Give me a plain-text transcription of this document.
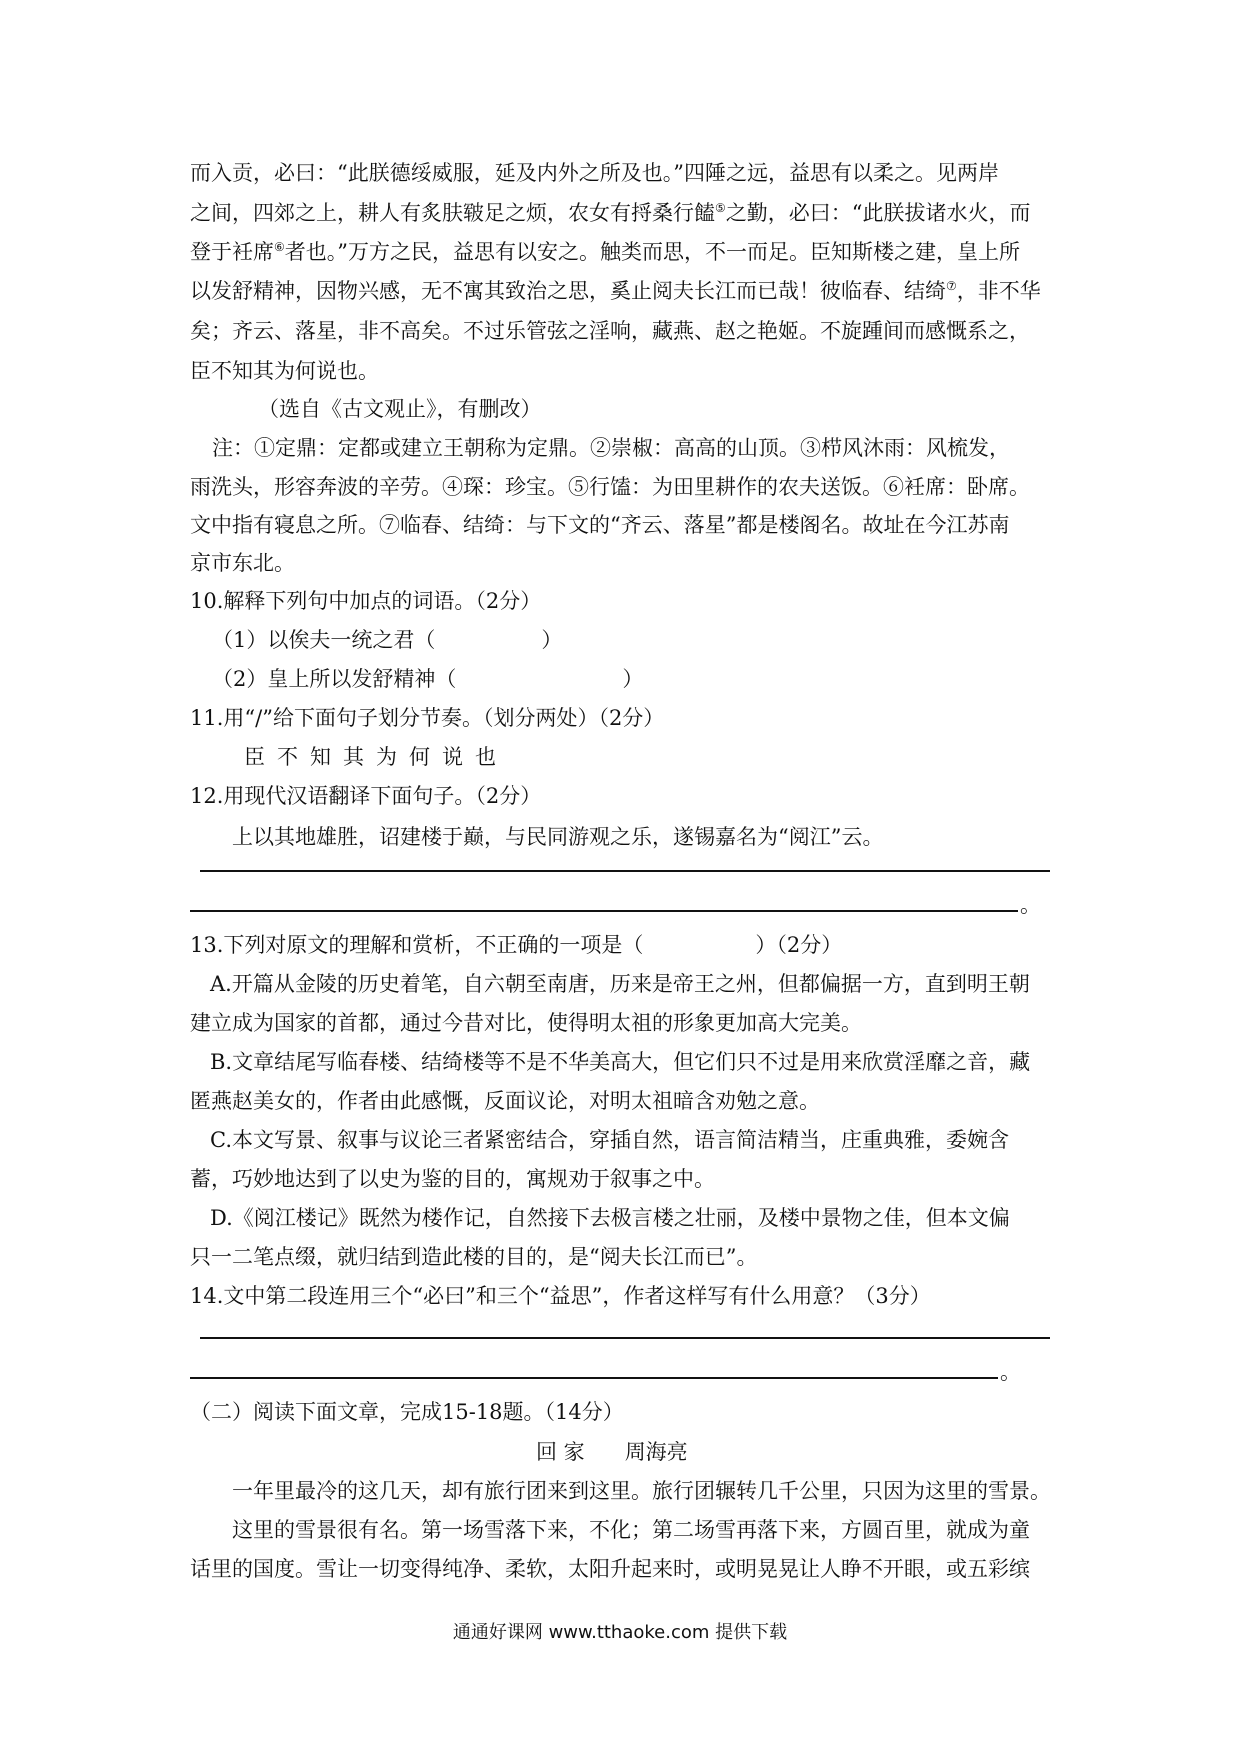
而入贡，必曰：“此朕德绥威服，延及内外之所及也。”四陲之远，益思有以柔之。见两岸
之间，四郊之上，耕人有炙肤皲足之烦，农女有捋桑行饁⑤之勤，必曰：“此朕拔诸水火，而
登于衽席⑥者也。”万方之民，益思有以安之。触类而思，不一而足。臣知斯楼之建，皇上所
以发舒精神，因物兴感，无不寓其致治之思，奚止阅夫长江而已哉！彼临春、结绮⑦，非不华
矣；齐云、落星，非不高矣。不过乐管弦之淫响，藏燕、赵之艳姬。不旋踵间而感慨系之，
臣不知其为何说也。
（选自《古文观止》，有删改）
注：①定鼎：定都或建立王朝称为定鼎。②崇椒：高高的山顶。③栉风沐雨：风梳发，
雨洗头，形容奔波的辛劳。④琛：珍宝。⑤行馌：为田里耕作的农夫送饭。⑥衽席：卧席。
文中指有寝息之所。⑦临春、结绮：与下文的“齐云、落星”都是楼阁名。故址在今江苏南
京市东北。
10.解释下列句中加点的词语。（2分）
（1）以俟夫一统之君（	）
（2）皇上所以发舒精神（	）
11.用“/”给下面句子划分节奏。（划分两处）（2分）
臣不知其为何说也
12.用现代汉语翻译下面句子。（2分）
上以其地雄胜，诏建楼于巅，与民同游观之乐，遂锡嘉名为“阅江”云。
。
13.下列对原文的理解和赏析，不正确的一项是（	）（2分）
A.开篇从金陵的历史着笔，自六朝至南唐，历来是帝王之州，但都偏据一方，直到明王朝
建立成为国家的首都，通过今昔对比，使得明太祖的形象更加高大完美。
B.文章结尾写临春楼、结绮楼等不是不华美高大，但它们只不过是用来欣赏淫靡之音，藏
匿燕赵美女的，作者由此感慨，反面议论，对明太祖暗含劝勉之意。
C.本文写景、叙事与议论三者紧密结合，穿插自然，语言简洁精当，庄重典雅，委婉含
蓄，巧妙地达到了以史为鉴的目的，寓规劝于叙事之中。
D.《阅江楼记》既然为楼作记，自然接下去极言楼之壮丽，及楼中景物之佳，但本文偏
只一二笔点缀，就归结到造此楼的目的，是“阅夫长江而已”。
14.文中第二段连用三个“必曰”和三个“益思”，作者这样写有什么用意？（3分）
。
（二）阅读下面文章，完成15-18题。（14分）
回 家 周海亮
一年里最冷的这几天，却有旅行团来到这里。旅行团辗转几千公里，只因为这里的雪景。
这里的雪景很有名。第一场雪落下来，不化；第二场雪再落下来，方圆百里，就成为童
话里的国度。雪让一切变得纯净、柔软，太阳升起来时，或明晃晃让人睁不开眼，或五彩缤
通通好课网 www.tthaoke.com 提供下载
